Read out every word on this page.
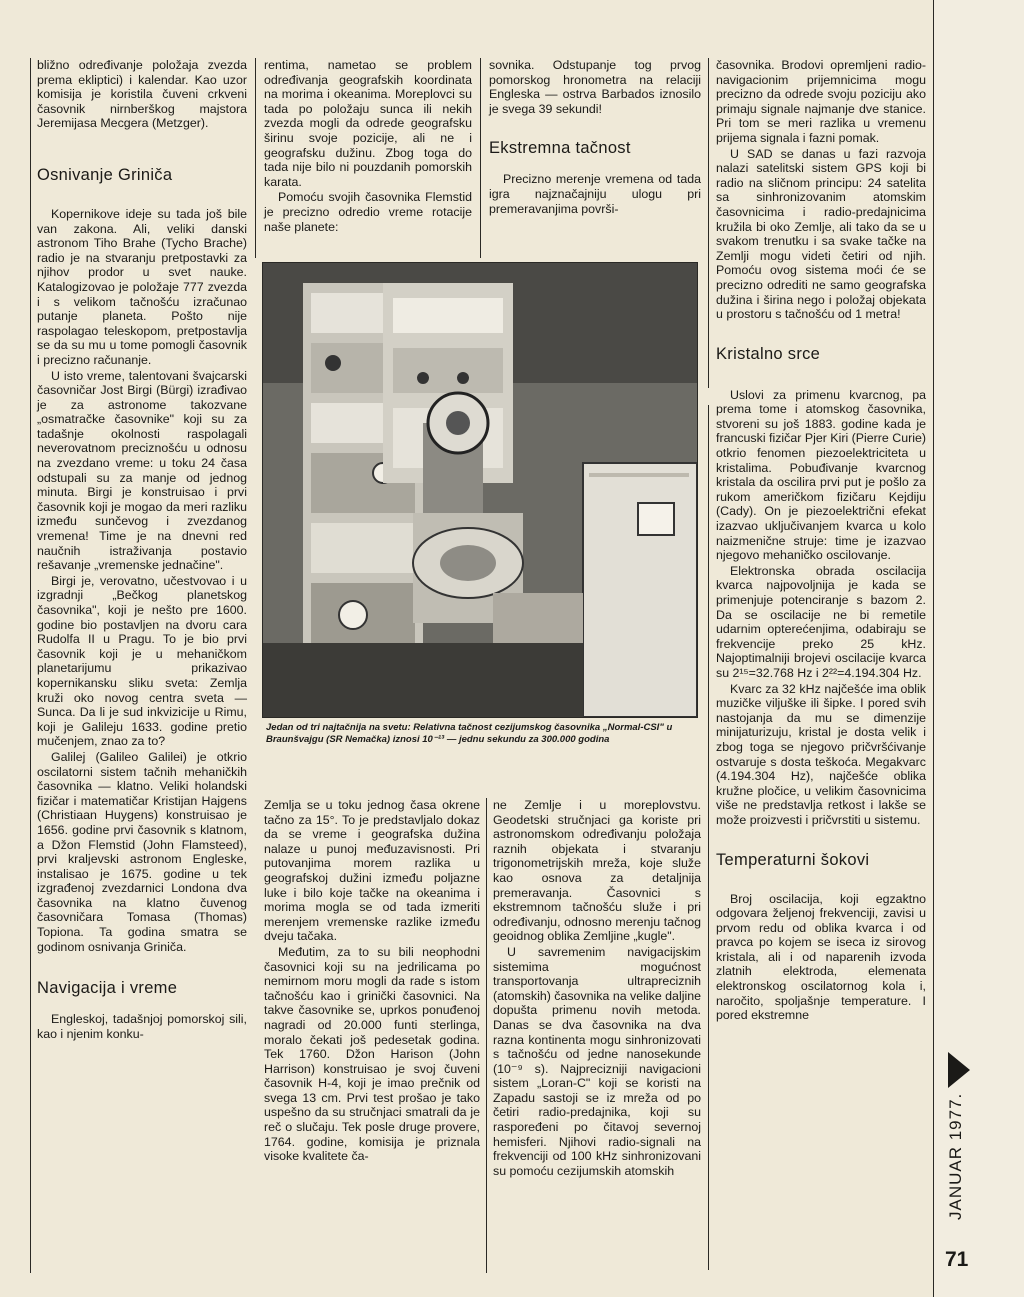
JANUAR 1977.
71

bližno određivanje položaja zvezda prema ekliptici) i kalendar. Kao uzor komisija je koristila čuveni crkveni časovnik nirnberškog majstora Jeremijasa Mecgera (Metzger).

Osnivanje Griniča

Kopernikove ideje su tada još bile van zakona. Ali, veliki danski astronom Tiho Brahe (Tycho Brache) radio je na stvaranju pretpostavki za njihov prodor u svet nauke. Katalogizovao je položaje 777 zvezda i s velikom tačnošću izračunao putanje planeta. Pošto nije raspolagao teleskopom, pretpostavlja se da su mu u tome pomogli časovnik i precizno računanje.

U isto vreme, talentovani švajcarski časovničar Jost Birgi (Bürgi) izrađivao je za astronome takozvane „osmatračke časovnike" koji su za tadašnje okolnosti raspolagali neverovatnom preciznošću u odnosu na zvezdano vreme: u toku 24 časa odstupali su za manje od jednog minuta. Birgi je konstruisao i prvi časovnik koji je mogao da meri razliku između sunčevog i zvezdanog vremena! Time je na dnevni red naučnih istraživanja postavio rešavanje „vremenske jednačine".

Birgi je, verovatno, učestvovao i u izgradnji „Bečkog planetskog časovnika", koji je nešto pre 1600. godine bio postavljen na dvoru cara Rudolfa II u Pragu. To je bio prvi časovnik koji je u mehaničkom planetarijumu prikazivao kopernikansku sliku sveta: Zemlja kruži oko novog centra sveta — Sunca. Da li je sud inkvizicije u Rimu, koji je Galileju 1633. godine pretio mučenjem, znao za to?

Galilej (Galileo Galilei) je otkrio oscilatorni sistem tačnih mehaničkih časovnika — klatno. Veliki holandski fizičar i matematičar Kristijan Hajgens (Christiaan Huygens) konstruisao je 1656. godine prvi časovnik s klatnom, a Džon Flemstid (John Flamsteed), prvi kraljevski astronom Engleske, instalisao je 1675. godine u tek izgrađenoj zvezdarnici Londona dva časovnika na klatno čuvenog časovničara Tomasa (Thomas) Topiona. Ta godina smatra se godinom osnivanja Griniča.

Navigacija i vreme

Engleskoj, tadašnjoj pomorskoj sili, kao i njenim konku-

rentima, nametao se problem određivanja geografskih koordinata na morima i okeanima. Moreplovci su tada po položaju sunca ili nekih zvezda mogli da odrede geografsku širinu svoje pozicije, ali ne i geografsku dužinu. Zbog toga do tada nije bilo ni pouzdanih pomorskih karata.

Pomoću svojih časovnika Flemstid je precizno odredio vreme rotacije naše planete:

sovnika. Odstupanje tog prvog pomorskog hronometra na relaciji Engleska — ostrva Barbados iznosilo je svega 39 sekundi!

Ekstremna tačnost

Precizno merenje vremena od tada igra najznačajniju ulogu pri premeravanjima površi-

Jedan od tri najtačnija na svetu: Relativna tačnost cezijumskog časovnika „Normal-CSI" u Braunšvajgu (SR Nemačka) iznosi 10⁻¹³ — jednu sekundu za 300.000 godina

Zemlja se u toku jednog časa okrene tačno za 15°. To je predstavljalo dokaz da se vreme i geografska dužina nalaze u punoj međuzavisnosti. Pri putovanjima morem razlika u geografskoj dužini između poljazne luke i bilo koje tačke na okeanima i morima mogla se od tada izmeriti merenjem vremenske razlike između dveju tačaka.

Međutim, za to su bili neophodni časovnici koji su na jedrilicama po nemirnom moru mogli da rade s istom tačnošću kao i grinički časovnici. Na takve časovnike se, uprkos ponuđenoj nagradi od 20.000 funti sterlinga, moralo čekati još pedesetak godina. Tek 1760. Džon Harison (John Harrison) konstruisao je svoj čuveni časovnik H-4, koji je imao prečnik od svega 13 cm. Prvi test prošao je tako uspešno da su stručnjaci smatrali da je reč o slučaju. Tek posle druge provere, 1764. godine, komisija je priznala visoke kvalitete ča-

ne Zemlje i u moreplovstvu. Geodetski stručnjaci ga koriste pri astronomskom određivanju položaja raznih objekata i stvaranju trigonometrijskih mreža, koje služe kao osnova za detaljnija premeravanja. Časovnici s ekstremnom tačnošću služe i pri određivanju, odnosno merenju tačnog geoidnog oblika Zemljine „kugle".

U savremenim navigacijskim sistemima mogućnost transportovanja ultrapreciznih (atomskih) časovnika na velike daljine dopušta primenu novih metoda. Danas se dva časovnika na dva razna kontinenta mogu sinhronizovati s tačnošću od jedne nanosekunde (10⁻⁹ s). Najprecizniji navigacioni sistem „Loran-C" koji se koristi na Zapadu sastoji se iz mreža od po četiri radio-predajnika, koji su raspoređeni po čitavoj severnoj hemisferi. Njihovi radio-signali na frekvenciji od 100 kHz sinhronizovani su pomoću cezijumskih atomskih

časovnika. Brodovi opremljeni radio-navigacionim prijemnicima mogu precizno da odrede svoju poziciju ako primaju signale najmanje dve stanice. Pri tom se meri razlika u vremenu prijema signala i fazni pomak.

U SAD se danas u fazi razvoja nalazi satelitski sistem GPS koji bi radio na sličnom principu: 24 satelita sa sinhronizovanim atomskim časovnicima i radio-predajnicima kružila bi oko Zemlje, ali tako da se u svakom trenutku i sa svake tačke na Zemlji mogu videti četiri od njih. Pomoću ovog sistema moći će se precizno odrediti ne samo geografska dužina i širina nego i položaj objekata u prostoru s tačnošću od 1 metra!

Kristalno srce

Uslovi za primenu kvarcnog, pa prema tome i atomskog časovnika, stvoreni su još 1883. godine kada je francuski fizičar Pjer Kiri (Pierre Curie) otkrio fenomen piezoelektriciteta u kristalima. Pobuđivanje kvarcnog kristala da oscilira prvi put je pošlo za rukom američkom fizičaru Kejdiju (Cady). On je piezoelektrični efekat izazvao uključivanjem kvarca u kolo naizmenične struje: time je izazvao njegovo mehaničko oscilovanje.

Elektronska obrada oscilacija kvarca najpovoljnija je kada se primenjuje potenciranje s bazom 2. Da se oscilacije ne bi remetile udarnim opterećenjima, odabiraju se frekvencije preko 25 kHz. Najoptimalniji brojevi oscilacije kvarca su 2¹⁵=32.768 Hz i 2²²=4.194.304 Hz.

Kvarc za 32 kHz najčešće ima oblik muzičke viljuške ili šipke. I pored svih nastojanja da mu se dimenzije minijaturizuju, kristal je dosta velik i zbog toga se njegovo pričvršćivanje ostvaruje s dosta teškoća. Megakvarc (4.194.304 Hz), najčešće oblika kružne pločice, u velikim časovnicima više ne predstavlja retkost i lakše se može proizvesti i pričvrstiti u sistemu.

Temperaturni šokovi

Broj oscilacija, koji egzaktno odgovara željenoj frekvenciji, zavisi u prvom redu od oblika kvarca i od pravca po kojem se iseca iz sirovog kristala, ali i od naparenih izvoda zlatnih elektroda, elemenata elektronskog oscilatornog kola i, naročito, spoljašnje temperature. I pored ekstremne
